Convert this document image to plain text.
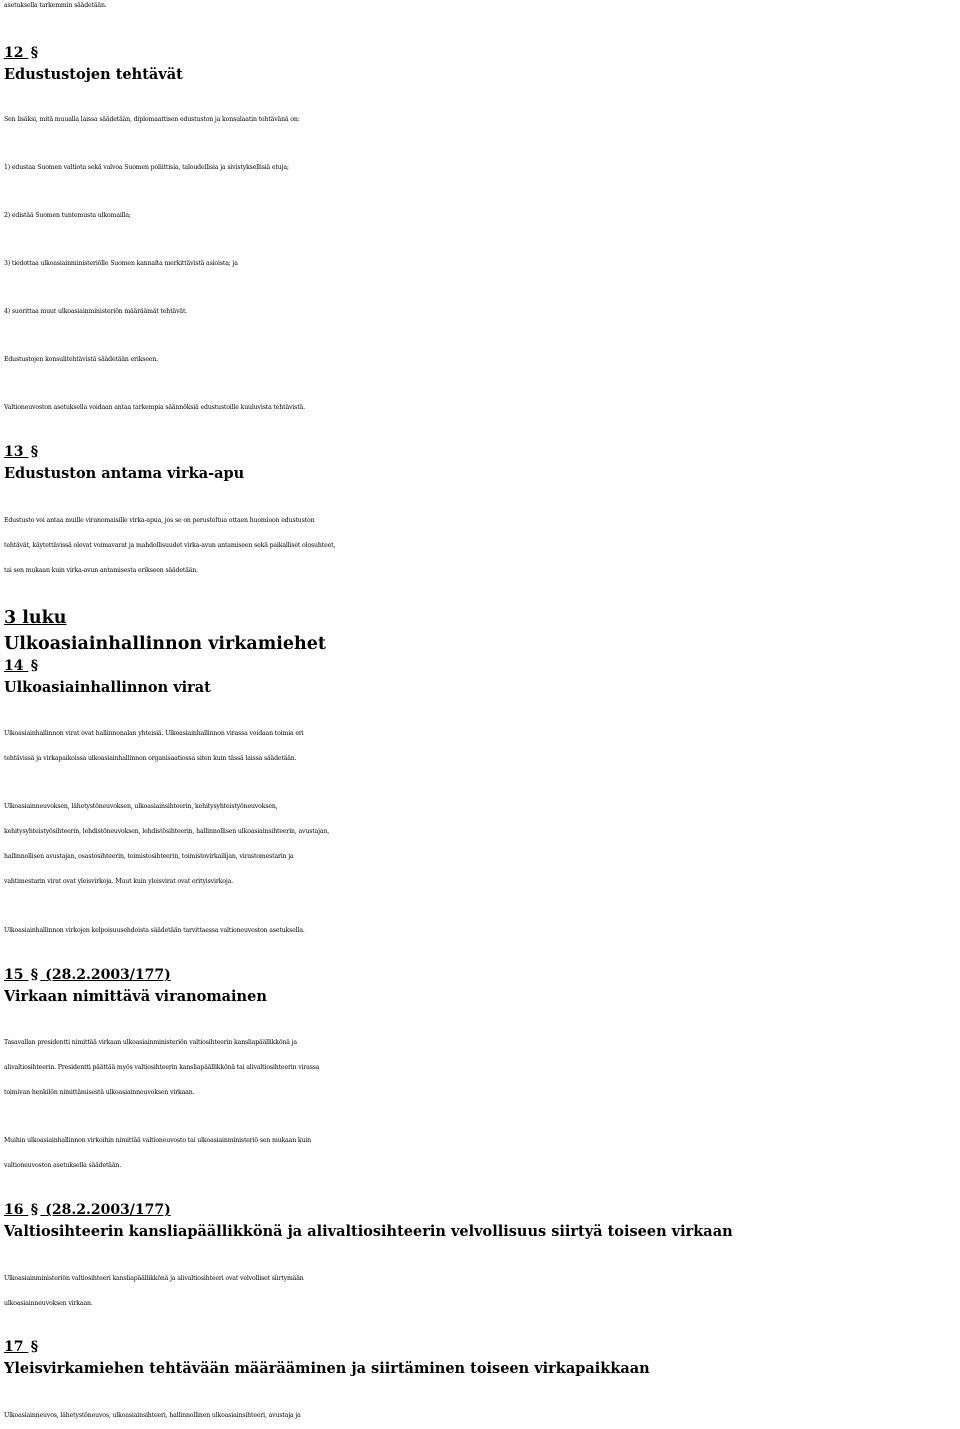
asetuksella tarkemmin säädetään.
12 §
Edustustojen tehtävät
Sen lisäksi, mitä muualla laissa säädetään, diplomaattisen edustuston ja konsulaatin tehtävänä on:
1) edustaa Suomen valtiota sekä valvoa Suomen poliittisia, taloudellisia ja sivistyksellisiä etuja;
2) edistää Suomen tuntemusta ulkomailla;
3) tiedottaa ulkoasiainministeriölle Suomen kannalta merkittävistä asioista; ja
4) suorittaa muut ulkoasiainministeriön määräämät tehtävät.
Edustustojen konsulitehtävistä säädetään erikseen.
Valtioneuvoston asetuksella voidaan antaa tarkempia säännöksiä edustustoille kuuluvista tehtävistä.
13 §
Edustuston antama virka-apu
Edustusto voi antaa muille viranomaisille virka-apua, jos se on perusteltua ottaen huomioon edustuston
tehtävät, käytettävissä olevat voimavarat ja mahdollisuudet virka-avun antamiseen sekä paikalliset olosuhteet,
tai sen mukaan kuin virka-avun antamisesta erikseen säädetään.
3 luku
Ulkoasiainhallinnon virkamiehet
14 §
Ulkoasiainhallinnon virat
Ulkoasiainhallinnon virat ovat hallinnonalan yhteisiä. Ulkoasiainhallinnon virassa voidaan toimia eri
tehtävissä ja virkapaikoissa ulkoasiainhallinnon organisaatiossa siten kuin tässä laissa säädetään.
Ulkoasiainneuvoksen, lähetystöneuvoksen, ulkoasiainsihteerin, kehitysyhteistyöneuvoksen,
kehitysyhteistyösihteerin, lehdistöneuvoksen, lehdistösihteerin, hallinnollisen ulkoasiainsihteerin, avustajan,
hallinnollisen avustajan, osastosihteerin, toimistosihteerin, toimistovirkailijan, virastomestarin ja
vahtimestarin virat ovat yleisvirkoja. Muut kuin yleisvirat ovat erityisvirkoja.
Ulkoasiainhallinnon virkojen kelpoisuusehdoista säädetään tarvittaessa valtioneuvoston asetuksella.
15 § (28.2.2003/177)
Virkaan nimittävä viranomainen
Tasavallan presidentti nimittää virkaan ulkoasiainministeriön valtiosihteerin kansliapäällikkönä ja
alivaltiosihteerin. Presidentti päättää myös valtiosihteerin kansliapäällikkönä tai alivaltiosihteerin virassa
toimivan henkilön nimittämisestä ulkoasiainneuvoksen virkaan.
Muihin ulkoasiainhallinnon virkoihin nimittää valtioneuvosto tai ulkoasiainministeriö sen mukaan kuin
valtioneuvoston asetuksella säädetään.
16 § (28.2.2003/177)
Valtiosihteerin kansliapäällikkönä ja alivaltiosihteerin velvollisuus siirtyä toiseen virkaan
Ulkoasiainministeriön valtiosihteeri kansliapäällikkönä ja alivaltiosihteeri ovat velvolliset siirtymään
ulkoasiainneuvoksen virkaan.
17 §
Yleisvirkamiehen tehtävään määrääminen ja siirtäminen toiseen virkapaikkaan
Ulkoasiainneuvos, lähetystöneuvos, ulkoasiainsihteeri, hallinnollinen ulkoasiainsihteeri, avustaja ja
